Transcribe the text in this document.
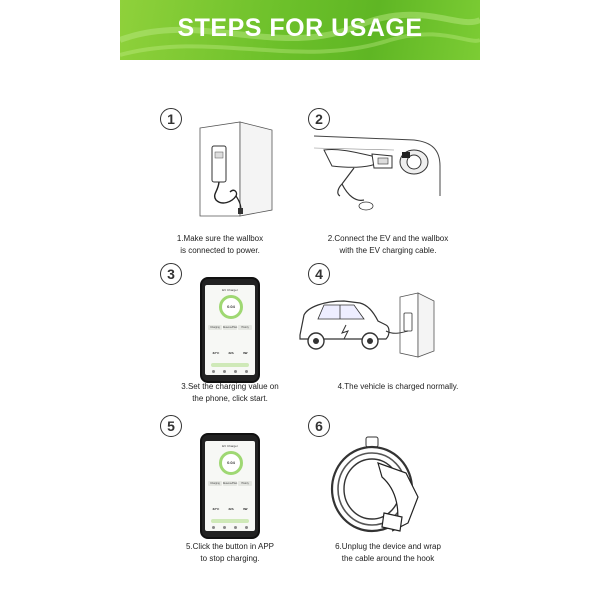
STEPS FOR USAGE
1
1.Make sure the wallbox
is connected to power.
2
2.Connect the EV and the wallbox
with the EV charging cable.
3
EV Charger
0.04
Charging	Reserve/Plan	History
32°C	32A	0W
3.Set the charging value on
the phone, click start.
4
4.The vehicle is charged normally.
5
EV Charger
0.04
Charging	Reserve/Plan	History
32°C	32A	0W
5.Click the button in APP
to stop charging.
6
6.Unplug the device and wrap
the cable around the hook
